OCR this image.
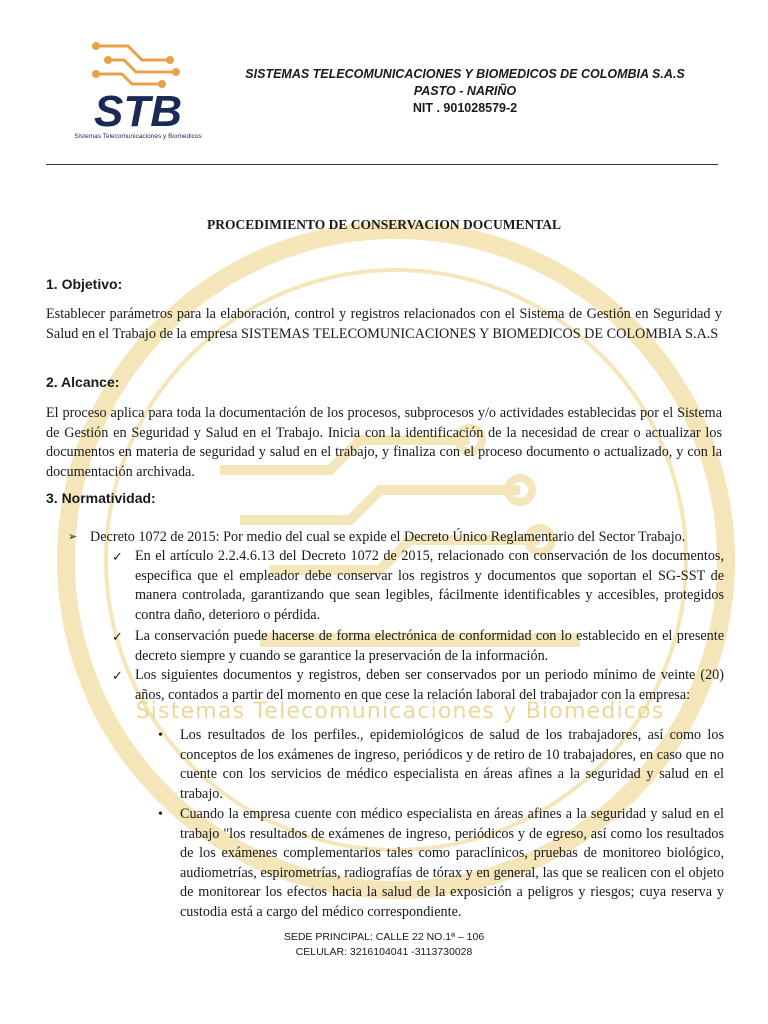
Sistemas Telecomunicaciones y Biomedicos
STB
Sistemas Telecomunicaciones y Biomedicos
SISTEMAS TELECOMUNICACIONES Y BIOMEDICOS DE COLOMBIA S.A.S
PASTO - NARIÑO
NIT . 901028579-2
PROCEDIMIENTO DE CONSERVACION DOCUMENTAL
1. Objetivo:
Establecer parámetros para la elaboración, control y registros relacionados con el Sistema de Gestión en Seguridad y Salud en el Trabajo de la empresa SISTEMAS TELECOMUNICACIONES Y BIOMEDICOS DE COLOMBIA S.A.S
2. Alcance:
El proceso aplica para toda la documentación de los procesos, subprocesos y/o actividades establecidas por el Sistema de Gestión en Seguridad y Salud en el Trabajo. Inicia con la identificación de la necesidad de crear o actualizar los documentos en materia de seguridad y salud en el trabajo, y finaliza con el proceso documento o actualizado, y con la documentación archivada.
3. Normatividad:
➢ Decreto 1072 de 2015: Por medio del cual se expide el Decreto Único Reglamentario del Sector Trabajo.
✓ En el artículo 2.2.4.6.13 del Decreto 1072 de 2015, relacionado con conservación de los documentos, especifica que el empleador debe conservar los registros y documentos que soportan el SG-SST de manera controlada, garantizando que sean legibles, fácilmente identificables y accesibles, protegidos contra daño, deterioro o pérdida.
✓ La conservación puede hacerse de forma electrónica de conformidad con lo establecido en el presente decreto siempre y cuando se garantice la preservación de la información.
✓ Los siguientes documentos y registros, deben ser conservados por un periodo mínimo de veinte (20) años, contados a partir del momento en que cese la relación laboral del trabajador con la empresa:
• Los resultados de los perfiles., epidemiológicos de salud de los trabajadores, así como los conceptos de los exámenes de ingreso, periódicos y de retiro de 10 trabajadores, en caso que no cuente con los servicios de médico especialista en áreas afines a la seguridad y salud en el trabajo.
• Cuando la empresa cuente con médico especialista en áreas afines a la seguridad y salud en el trabajo "los resultados de exámenes de ingreso, periódicos y de egreso, así como los resultados de los exámenes complementarios tales como paraclínicos, pruebas de monitoreo biológico, audiometrías, espirometrías, radiografías de tórax y en general, las que se realicen con el objeto de monitorear los efectos hacia la salud de la exposición a peligros y riesgos; cuya reserva y custodia está a cargo del médico correspondiente.
SEDE PRINCIPAL: CALLE 22 NO.1ª – 106
CELULAR: 3216104041 -3113730028
